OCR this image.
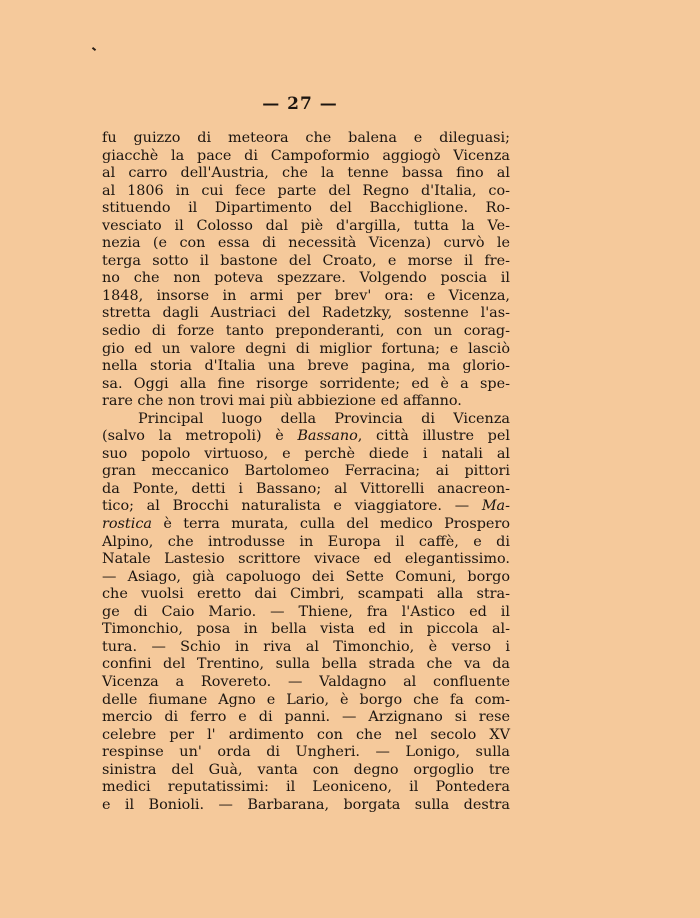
— 27 —
fu guizzo di meteora che balena e dileguasi;
giacchè la pace di Campoformio aggiogò Vicenza
al carro dell'Austria, che la tenne bassa fino al
al 1806 in cui fece parte del Regno d'Italia, co-
stituendo il Dipartimento del Bacchiglione. Ro-
vesciato il Colosso dal piè d'argilla, tutta la Ve-
nezia (e con essa di necessità Vicenza) curvò le
terga sotto il bastone del Croato, e morse il fre-
no che non poteva spezzare. Volgendo poscia il
1848, insorse in armi per brev' ora: e Vicenza,
stretta dagli Austriaci del Radetzky, sostenne l'as-
sedio di forze tanto preponderanti, con un corag-
gio ed un valore degni di miglior fortuna; e lasciò
nella storia d'Italia una breve pagina, ma glorio-
sa. Oggi alla fine risorge sorridente; ed è a spe-
rare che non trovi mai più abbiezione ed affanno.
Principal luogo della Provincia di Vicenza
(salvo la metropoli) è Bassano, città illustre pel
suo popolo virtuoso, e perchè diede i natali al
gran meccanico Bartolomeo Ferracina; ai pittori
da Ponte, detti i Bassano; al Vittorelli anacreon-
tico; al Brocchi naturalista e viaggiatore. — Ma-
rostica è terra murata, culla del medico Prospero
Alpino, che introdusse in Europa il caffè, e di
Natale Lastesio scrittore vivace ed elegantissimo.
— Asiago, già capoluogo dei Sette Comuni, borgo
che vuolsi eretto dai Cimbri, scampati alla stra-
ge di Caio Mario. — Thiene, fra l'Astico ed il
Timonchio, posa in bella vista ed in piccola al-
tura. — Schio in riva al Timonchio, è verso i
confini del Trentino, sulla bella strada che va da
Vicenza a Rovereto. — Valdagno al confluente
delle fiumane Agno e Lario, è borgo che fa com-
mercio di ferro e di panni. — Arzignano si rese
celebre per l' ardimento con che nel secolo XV
respinse un' orda di Ungheri. — Lonigo, sulla
sinistra del Guà, vanta con degno orgoglio tre
medici reputatissimi: il Leoniceno, il Pontedera
e il Bonioli. — Barbarana, borgata sulla destra
